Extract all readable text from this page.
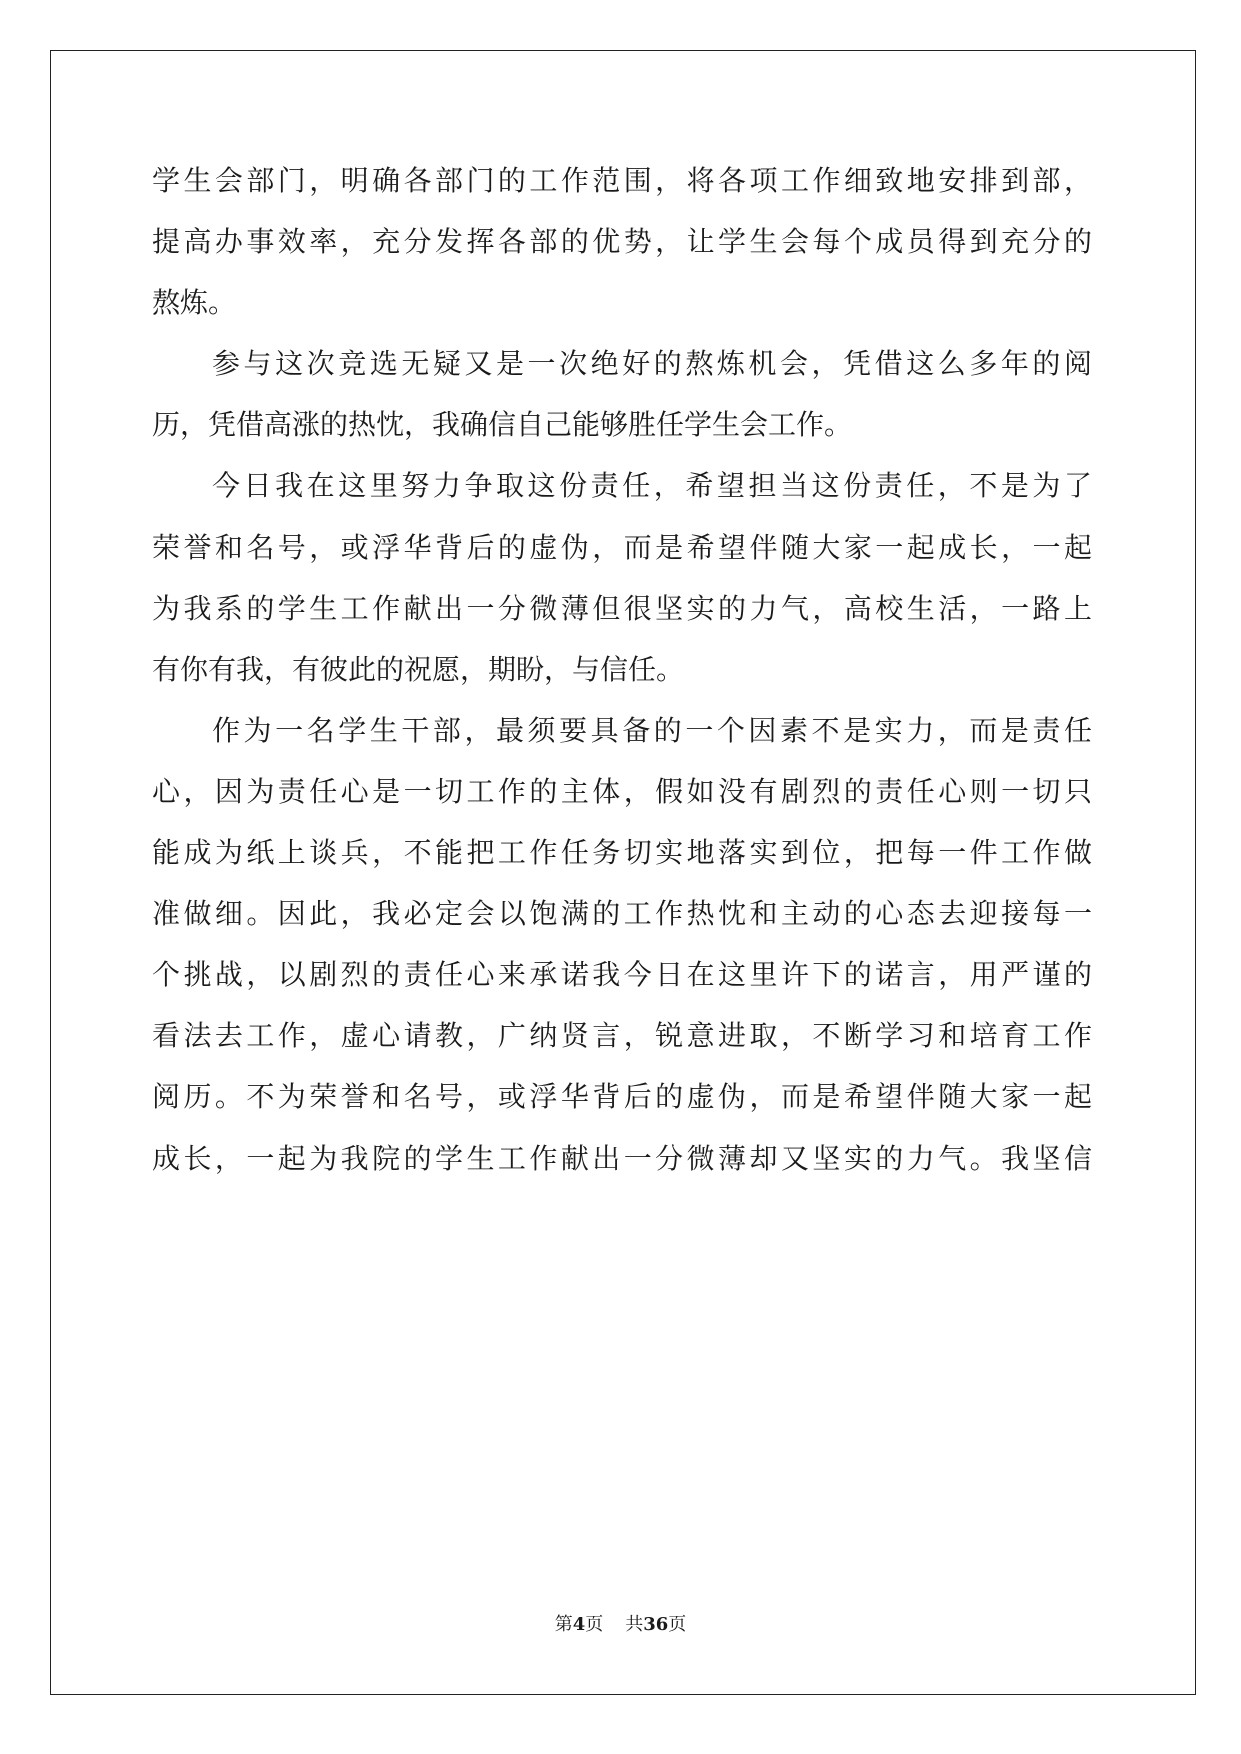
学生会部门，明确各部门的工作范围，将各项工作细致地安排到部，
提高办事效率，充分发挥各部的优势，让学生会每个成员得到充分的
熬炼。
参与这次竞选无疑又是一次绝好的熬炼机会，凭借这么多年的阅
历，凭借高涨的热忱，我确信自己能够胜任学生会工作。
今日我在这里努力争取这份责任，希望担当这份责任，不是为了
荣誉和名号，或浮华背后的虚伪，而是希望伴随大家一起成长，一起
为我系的学生工作献出一分微薄但很坚实的力气，高校生活，一路上
有你有我，有彼此的祝愿，期盼，与信任。
作为一名学生干部，最须要具备的一个因素不是实力，而是责任
心，因为责任心是一切工作的主体，假如没有剧烈的责任心则一切只
能成为纸上谈兵，不能把工作任务切实地落实到位，把每一件工作做
准做细。因此，我必定会以饱满的工作热忱和主动的心态去迎接每一
个挑战，以剧烈的责任心来承诺我今日在这里许下的诺言，用严谨的
看法去工作，虚心请教，广纳贤言，锐意进取，不断学习和培育工作
阅历。不为荣誉和名号，或浮华背后的虚伪，而是希望伴随大家一起
成长，一起为我院的学生工作献出一分微薄却又坚实的力气。我坚信
第4页 共36页
